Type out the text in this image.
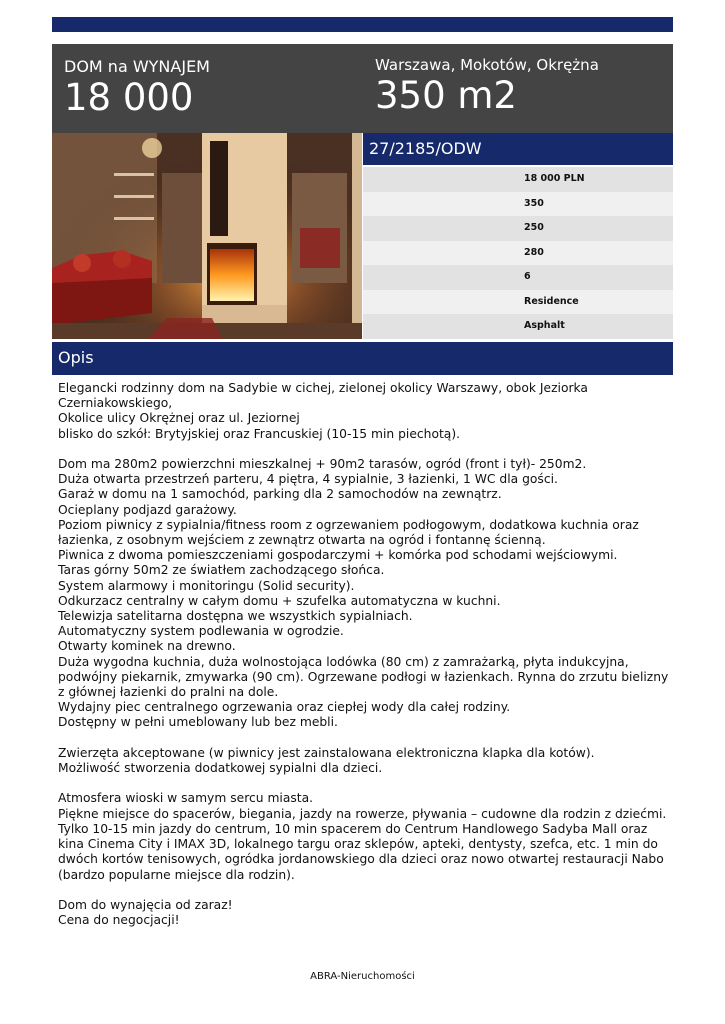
DOM na WYNAJEM
18 000
Warszawa, Mokotów, Okrężna
350 m2
27/2185/ODW
18 000 PLN
350
250
280
6
Residence
Asphalt
Opis

Elegancki rodzinny dom na Sadybie w cichej, zielonej okolicy Warszawy, obok Jeziorka Czerniakowskiego,

Okolice ulicy Okrężnej oraz ul. Jeziornej

blisko do szkół: Brytyjskiej oraz Francuskiej (10-15 min piechotą).

Dom ma 280m2 powierzchni mieszkalnej + 90m2 tarasów, ogród (front i tył)- 250m2.

Duża otwarta przestrzeń parteru, 4 piętra, 4 sypialnie, 3 łazienki, 1 WC dla gości.

Garaż w domu na 1 samochód, parking dla 2 samochodów na zewnątrz.

Ocieplany podjazd garażowy.

Poziom piwnicy z sypialnia/fitness room z ogrzewaniem podłogowym, dodatkowa kuchnia oraz łazienka, z osobnym wejściem z zewnątrz otwarta na ogród i fontannę ścienną.

Piwnica z dwoma pomieszczeniami gospodarczymi + komórka pod schodami wejściowymi.

Taras górny 50m2 ze światłem zachodzącego słońca.

System alarmowy i monitoringu (Solid security).

Odkurzacz centralny w całym domu + szufelka automatyczna w kuchni.

Telewizja satelitarna dostępna we wszystkich sypialniach.

Automatyczny system podlewania w ogrodzie.

Otwarty kominek na drewno.

Duża wygodna kuchnia, duża wolnostojąca lodówka (80 cm) z zamrażarką, płyta indukcyjna, podwójny piekarnik, zmywarka (90 cm). Ogrzewane podłogi w łazienkach. Rynna do zrzutu bielizny z głównej łazienki do pralni na dole.

Wydajny piec centralnego ogrzewania oraz ciepłej wody dla całej rodziny.

Dostępny w pełni umeblowany lub bez mebli.

Zwierzęta akceptowane (w piwnicy jest zainstalowana elektroniczna klapka dla kotów).

Możliwość stworzenia dodatkowej sypialni dla dzieci.

Atmosfera wioski w samym sercu miasta.

Piękne miejsce do spacerów, biegania, jazdy na rowerze, pływania – cudowne dla rodzin z dziećmi. Tylko 10-15 min jazdy do centrum, 10 min spacerem do Centrum Handlowego Sadyba Mall oraz kina Cinema City i IMAX 3D, lokalnego targu oraz sklepów, apteki, dentysty, szefca, etc. 1 min do dwóch kortów tenisowych, ogródka jordanowskiego dla dzieci oraz nowo otwartej restauracji Nabo (bardzo popularne miejsce dla rodzin).

Dom do wynajęcia od zaraz!

Cena do negocjacji!

ABRA-Nieruchomości
